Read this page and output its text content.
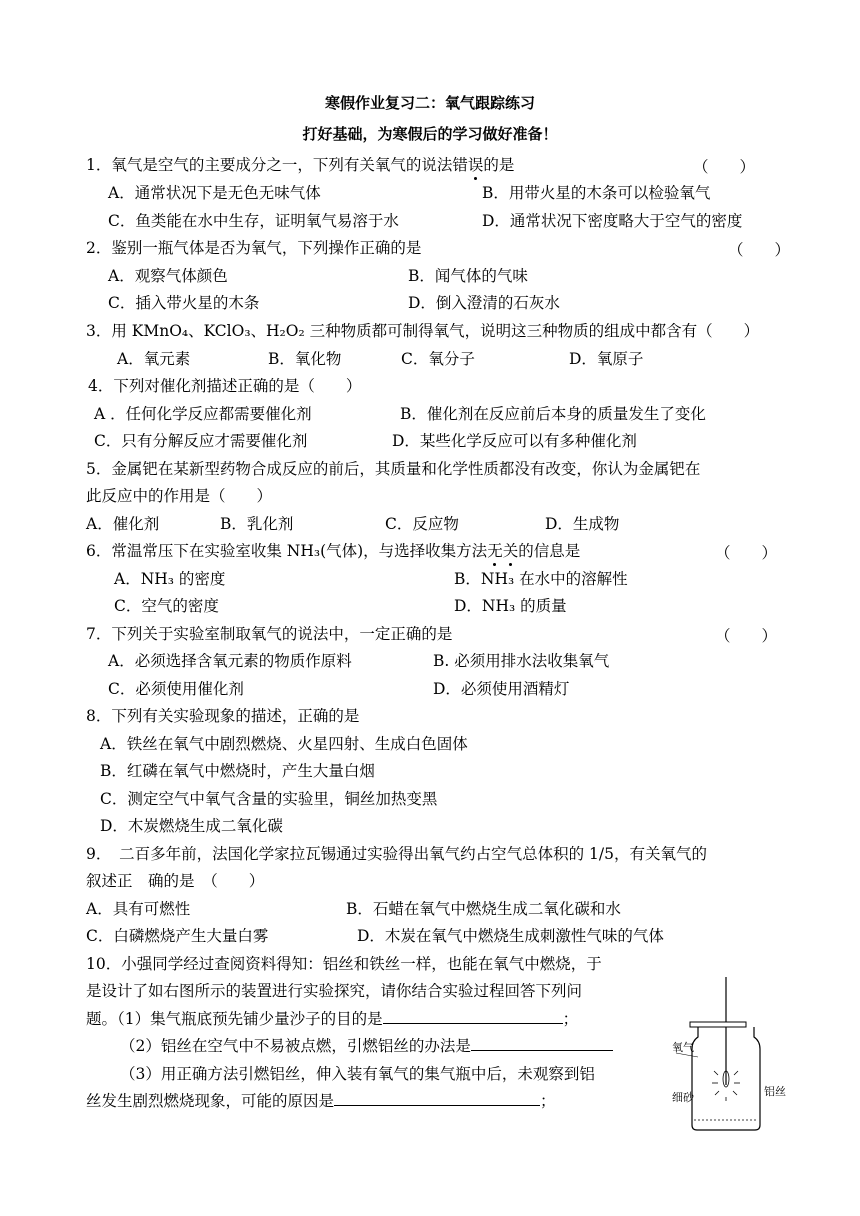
寒假作业复习二：氧气跟踪练习
打好基础，为寒假后的学习做好准备！
1．氧气是空气的主要成分之一，下列有关氧气的说法错误的是	（　　）
A．通常状况下是无色无味气体	B．用带火星的木条可以检验氧气
C．鱼类能在水中生存，证明氧气易溶于水	D．通常状况下密度略大于空气的密度
2．鉴别一瓶气体是否为氧气，下列操作正确的是	（　　）
A．观察气体颜色	B．闻气体的气味
C．插入带火星的木条	D．倒入澄清的石灰水
3．用 KMnO₄、KClO₃、H₂O₂ 三种物质都可制得氧气，说明这三种物质的组成中都含有（　　）
A．氧元素	B．氧化物	C．氧分子	D．氧原子
4．下列对催化剂描述正确的是（　　）
A ．任何化学反应都需要催化剂	B．催化剂在反应前后本身的质量发生了变化
C．只有分解反应才需要催化剂	D．某些化学反应可以有多种催化剂
5．金属钯在某新型药物合成反应的前后，其质量和化学性质都没有改变，你认为金属钯在
此反应中的作用是（　　）
A．催化剂	B．乳化剂	C．反应物	D．生成物
6．常温常压下在实验室收集 NH₃(气体)，与选择收集方法无关的信息是	（　　）
A．NH₃ 的密度	B．NH₃ 在水中的溶解性
C．空气的密度	D．NH₃ 的质量
7．下列关于实验室制取氧气的说法中，一定正确的是	（　　）
A．必须选择含氧元素的物质作原料	B. 必须用排水法收集氧气
C．必须使用催化剂	D．必须使用酒精灯
8．下列有关实验现象的描述，正确的是
A．铁丝在氧气中剧烈燃烧、火星四射、生成白色固体
B．红磷在氧气中燃烧时，产生大量白烟
C．测定空气中氧气含量的实验里，铜丝加热变黑
D．木炭燃烧生成二氧化碳
9．　二百多年前，法国化学家拉瓦锡通过实验得出氧气约占空气总体积的 1/5，有关氧气的
叙述正　确的是　（　　）
A．具有可燃性	B．石蜡在氧气中燃烧生成二氧化碳和水
C．白磷燃烧产生大量白雾	D．木炭在氧气中燃烧生成刺激性气味的气体
10．小强同学经过查阅资料得知：铝丝和铁丝一样，也能在氧气中燃烧，于
是设计了如右图所示的装置进行实验探究，请你结合实验过程回答下列问
题。（1）集气瓶底预先铺少量沙子的目的是	；
（2）铝丝在空气中不易被点燃，引燃铝丝的办法是
（3）用正确方法引燃铝丝，伸入装有氧气的集气瓶中后，未观察到铝
丝发生剧烈燃烧现象，可能的原因是	；
氧气
细砂	铝丝
